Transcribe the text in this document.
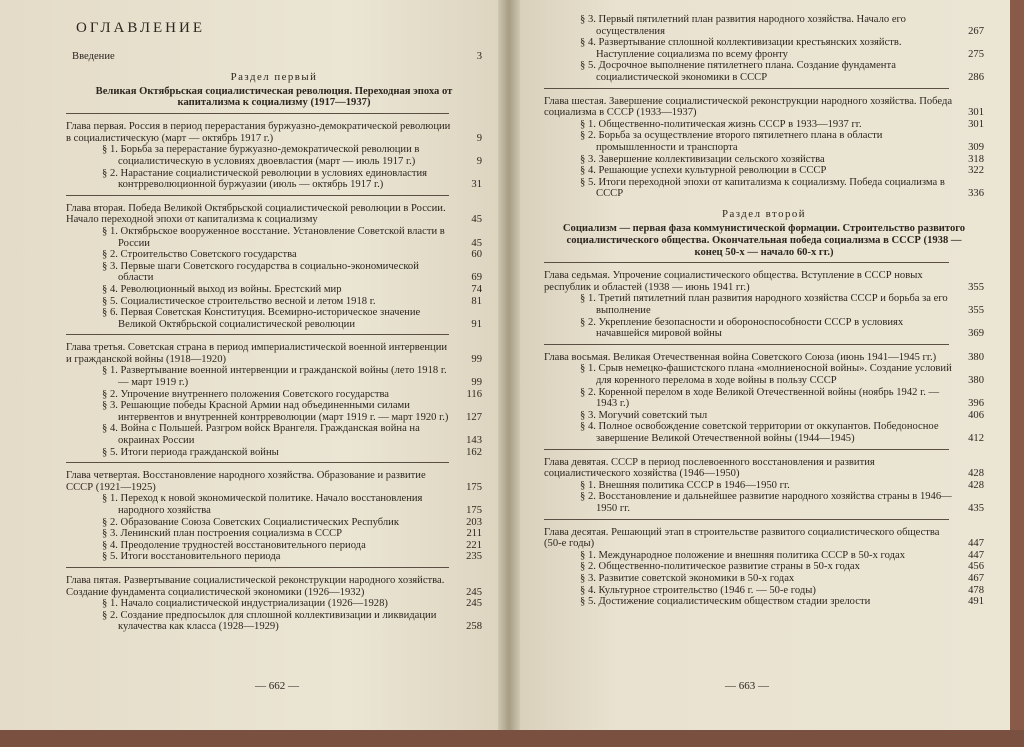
ОГЛАВЛЕНИЕ
Введение	3
Раздел первый
Великая Октябрьская социалистическая революция. Переходная эпоха от капитализма к социализму (1917—1937)
Глава первая. Россия в период перерастания буржуазно-демократической революции в социалистическую (март — октябрь 1917 г.)	9
§ 1. Борьба за перерастание буржуазно-демократической революции в социалистическую в условиях двоевластия (март — июль 1917 г.)	9
§ 2. Нарастание социалистической революции в условиях единовластия контрреволюционной буржуазии (июль — октябрь 1917 г.)	31
Глава вторая. Победа Великой Октябрьской социалистической революции в России. Начало переходной эпохи от капитализма к социализму	45
§ 1. Октябрьское вооруженное восстание. Установление Советской власти в России	45
§ 2. Строительство Советского государства	60
§ 3. Первые шаги Советского государства в социально-экономической области	69
§ 4. Революционный выход из войны. Брестский мир	74
§ 5. Социалистическое строительство весной и летом 1918 г.	81
§ 6. Первая Советская Конституция. Всемирно-историческое значение Великой Октябрьской социалистической революции	91
Глава третья. Советская страна в период империалистической военной интервенции и гражданской войны (1918—1920)	99
§ 1. Развертывание военной интервенции и гражданской войны (лето 1918 г. — март 1919 г.)	99
§ 2. Упрочение внутреннего положения Советского государства	116
§ 3. Решающие победы Красной Армии над объединенными силами интервентов и внутренней контрреволюции (март 1919 г. — март 1920 г.)	127
§ 4. Война с Польшей. Разгром войск Врангеля. Гражданская война на окраинах России	143
§ 5. Итоги периода гражданской войны	162
Глава четвертая. Восстановление народного хозяйства. Образование и развитие СССР (1921—1925)	175
§ 1. Переход к новой экономической политике. Начало восстановления народного хозяйства	175
§ 2. Образование Союза Советских Социалистических Республик	203
§ 3. Ленинский план построения социализма в СССР	211
§ 4. Преодоление трудностей восстановительного периода	221
§ 5. Итоги восстановительного периода	235
Глава пятая. Развертывание социалистической реконструкции народного хозяйства. Создание фундамента социалистической экономики (1926—1932)	245
§ 1. Начало социалистической индустриализации (1926—1928)	245
§ 2. Создание предпосылок для сплошной коллективизации и ликвидации кулачества как класса (1928—1929)	258
— 662 —
§ 3. Первый пятилетний план развития народного хозяйства. Начало его осуществления	267
§ 4. Развертывание сплошной коллективизации крестьянских хозяйств. Наступление социализма по всему фронту	275
§ 5. Досрочное выполнение пятилетнего плана. Создание фундамента социалистической экономики в СССР	286
Глава шестая. Завершение социалистической реконструкции народного хозяйства. Победа социализма в СССР (1933—1937)	301
§ 1. Общественно-политическая жизнь СССР в 1933—1937 гг.	301
§ 2. Борьба за осуществление второго пятилетнего плана в области промышленности и транспорта	309
§ 3. Завершение коллективизации сельского хозяйства	318
§ 4. Решающие успехи культурной революции в СССР	322
§ 5. Итоги переходной эпохи от капитализма к социализму. Победа социализма в СССР	336
Раздел второй
Социализм — первая фаза коммунистической формации. Строительство развитого социалистического общества. Окончательная победа социализма в СССР (1938 — конец 50-х — начало 60-х гг.)
Глава седьмая. Упрочение социалистического общества. Вступление в СССР новых республик и областей (1938 — июнь 1941 гг.)	355
§ 1. Третий пятилетний план развития народного хозяйства СССР и борьба за его выполнение	355
§ 2. Укрепление безопасности и обороноспособности СССР в условиях начавшейся мировой войны	369
Глава восьмая. Великая Отечественная война Советского Союза (июнь 1941—1945 гг.)	380
§ 1. Срыв немецко-фашистского плана «молниеносной войны». Создание условий для коренного перелома в ходе войны в пользу СССР	380
§ 2. Коренной перелом в ходе Великой Отечественной войны (ноябрь 1942 г. — 1943 г.)	396
§ 3. Могучий советский тыл	406
§ 4. Полное освобождение советской территории от оккупантов. Победоносное завершение Великой Отечественной войны (1944—1945)	412
Глава девятая. СССР в период послевоенного восстановления и развития социалистического хозяйства (1946—1950)	428
§ 1. Внешняя политика СССР в 1946—1950 гг.	428
§ 2. Восстановление и дальнейшее развитие народного хозяйства страны в 1946—1950 гг.	435
Глава десятая. Решающий этап в строительстве развитого социалистического общества (50-е годы)	447
§ 1. Международное положение и внешняя политика СССР в 50-х годах	447
§ 2. Общественно-политическое развитие страны в 50-х годах	456
§ 3. Развитие советской экономики в 50-х годах	467
§ 4. Культурное строительство (1946 г. — 50-е годы)	478
§ 5. Достижение социалистическим обществом стадии зрелости	491
— 663 —
